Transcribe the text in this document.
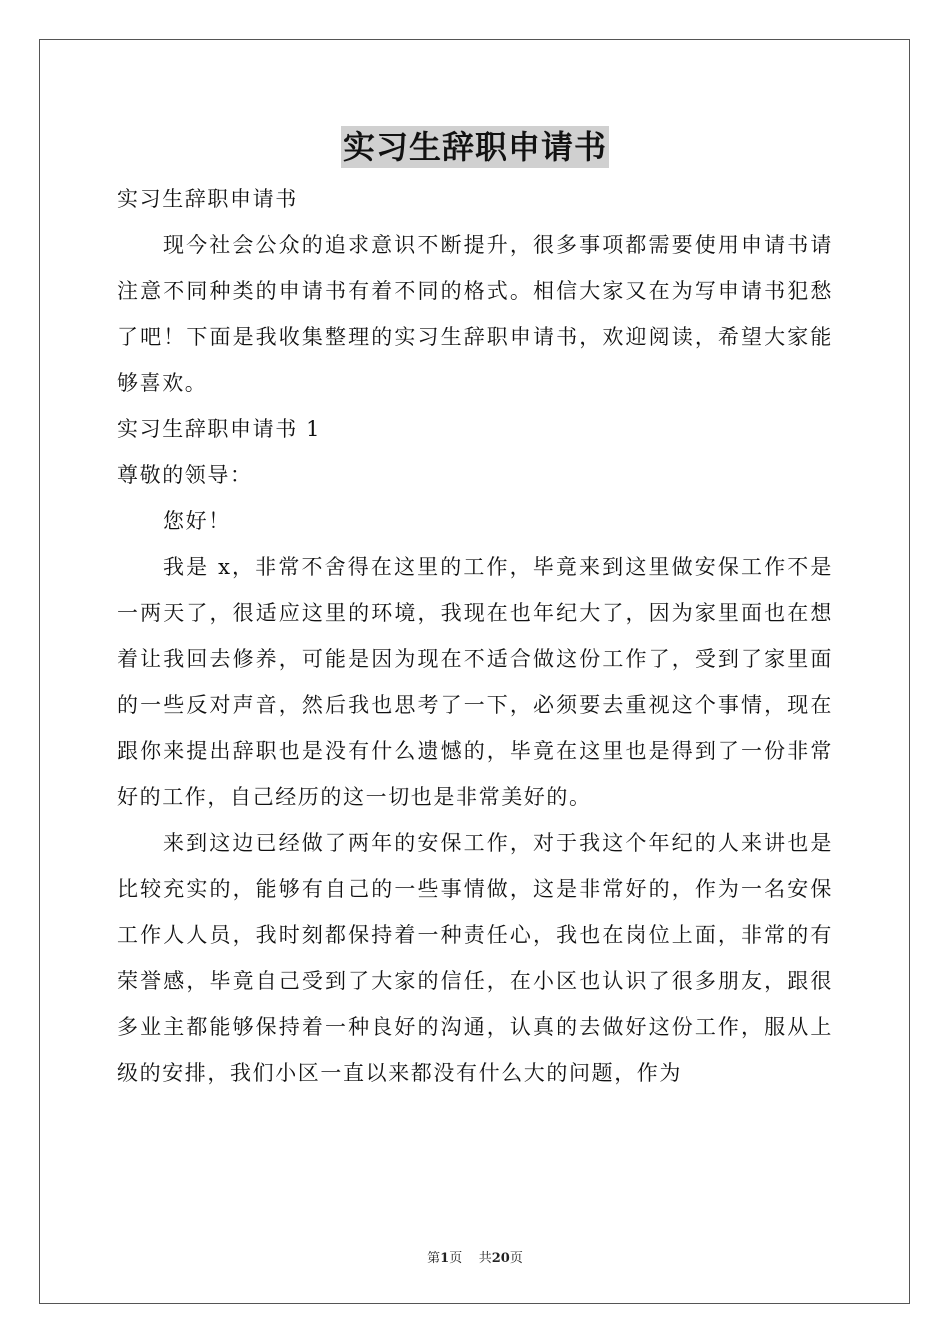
实习生辞职申请书

实习生辞职申请书

现今社会公众的追求意识不断提升，很多事项都需要使用申请书请注意不同种类的申请书有着不同的格式。相信大家又在为写申请书犯愁了吧！下面是我收集整理的实习生辞职申请书，欢迎阅读，希望大家能够喜欢。

实习生辞职申请书 1

尊敬的领导：

您好！

我是 x，非常不舍得在这里的工作，毕竟来到这里做安保工作不是一两天了，很适应这里的环境，我现在也年纪大了，因为家里面也在想着让我回去修养，可能是因为现在不适合做这份工作了，受到了家里面的一些反对声音，然后我也思考了一下，必须要去重视这个事情，现在跟你来提出辞职也是没有什么遗憾的，毕竟在这里也是得到了一份非常好的工作，自己经历的这一切也是非常美好的。

来到这边已经做了两年的安保工作，对于我这个年纪的人来讲也是比较充实的，能够有自己的一些事情做，这是非常好的，作为一名安保工作人人员，我时刻都保持着一种责任心，我也在岗位上面，非常的有荣誉感，毕竟自己受到了大家的信任，在小区也认识了很多朋友，跟很多业主都能够保持着一种良好的沟通，认真的去做好这份工作，服从上级的安排，我们小区一直以来都没有什么大的问题，作为

第1页 共20页
